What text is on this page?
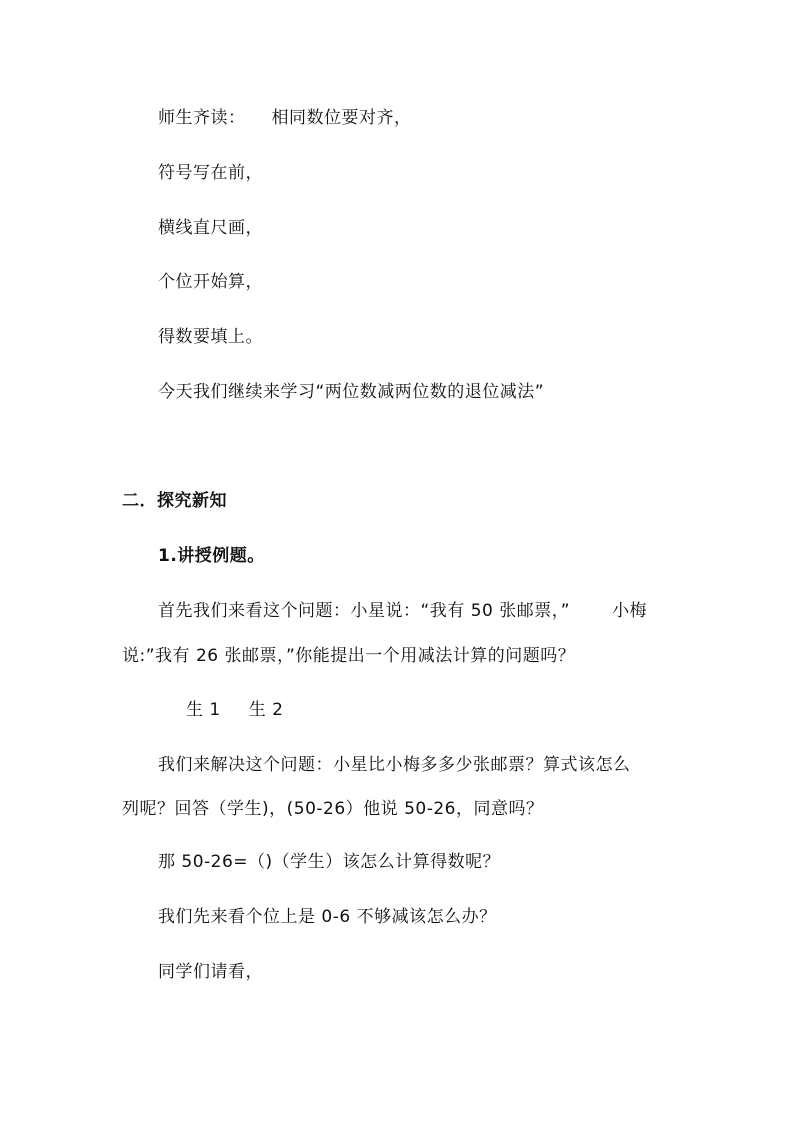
师生齐读： 相同数位要对齐，
符号写在前，
横线直尺画，
个位开始算，
得数要填上。
今天我们继续来学习“两位数减两位数的退位减法”
二．探究新知
1.讲授例题。
首先我们来看这个问题：小星说：“我有 50 张邮票，” 小梅
说:”我有 26 张邮票，”你能提出一个用减法计算的问题吗？
生 1 生 2
我们来解决这个问题：小星比小梅多多少张邮票？算式该怎么
列呢？回答（学生)，(50-26）他说 50-26，同意吗？
那 50-26=（)（学生）该怎么计算得数呢？
我们先来看个位上是 0-6 不够减该怎么办？
同学们请看，
